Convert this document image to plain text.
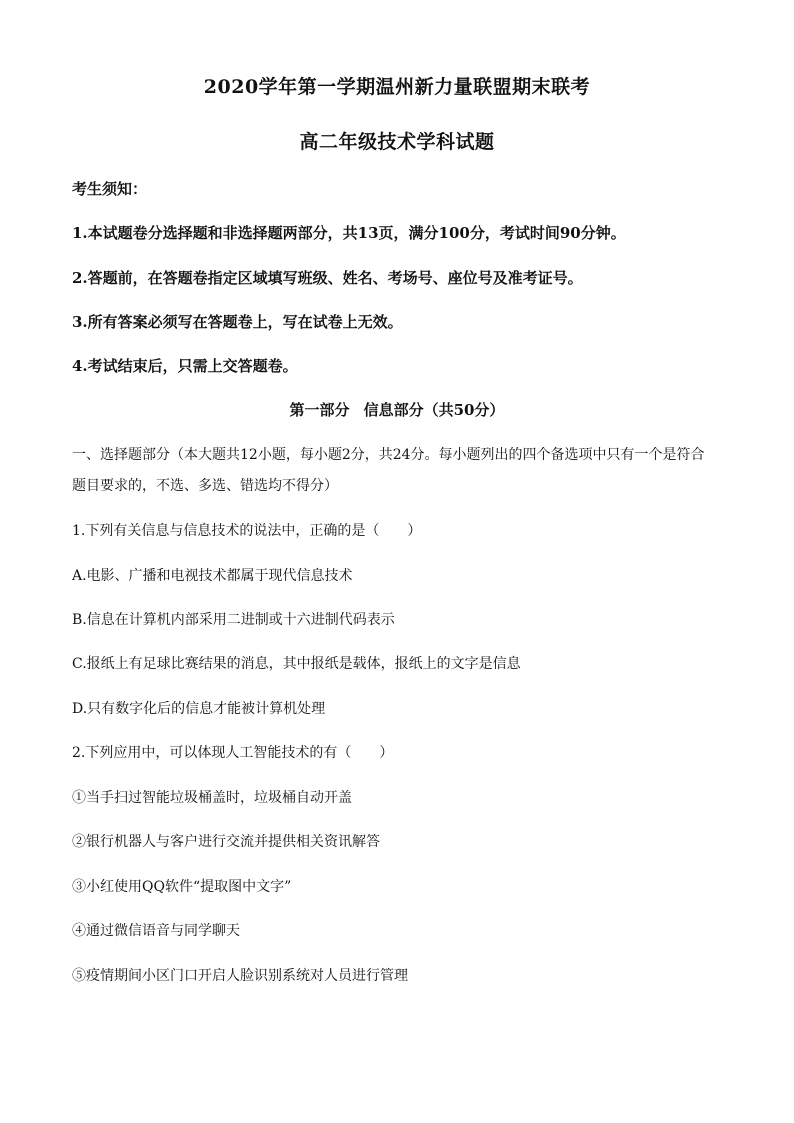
2020学年第一学期温州新力量联盟期末联考
高二年级技术学科试题
考生须知：
1.本试题卷分选择题和非选择题两部分，共13页，满分100分，考试时间90分钟。
2.答题前，在答题卷指定区域填写班级、姓名、考场号、座位号及准考证号。
3.所有答案必须写在答题卷上，写在试卷上无效。
4.考试结束后，只需上交答题卷。
第一部分 信息部分（共50分）
一、选择题部分（本大题共12小题，每小题2分，共24分。每小题列出的四个备选项中只有一个是符合
题目要求的，不选、多选、错选均不得分）
1.下列有关信息与信息技术的说法中，正确的是（　　）
A.电影、广播和电视技术都属于现代信息技术
B.信息在计算机内部采用二进制或十六进制代码表示
C.报纸上有足球比赛结果的消息，其中报纸是载体，报纸上的文字是信息
D.只有数字化后的信息才能被计算机处理
2.下列应用中，可以体现人工智能技术的有（　　）
①当手扫过智能垃圾桶盖时，垃圾桶自动开盖
②银行机器人与客户进行交流并提供相关资讯解答
③小红使用QQ软件“提取图中文字”
④通过微信语音与同学聊天
⑤疫情期间小区门口开启人脸识别系统对人员进行管理
